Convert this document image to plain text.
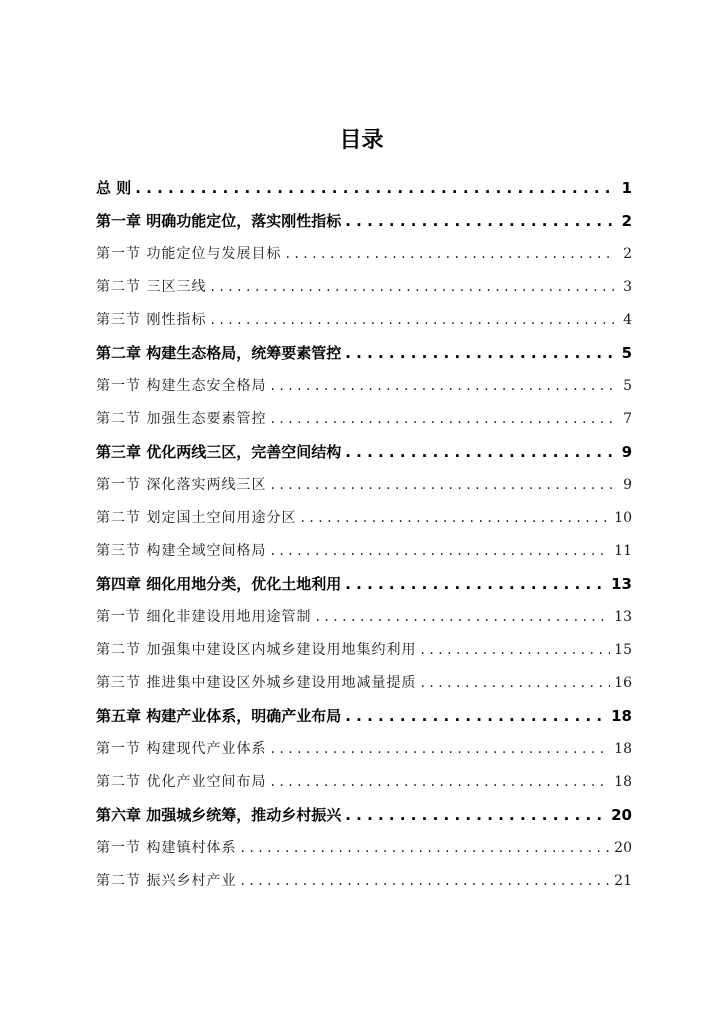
目录
总 则 . . .	1
第一章 明确功能定位，落实刚性指标 . . .	2
第一节 功能定位与发展目标 . . .	2
第二节 三区三线 . . .	3
第三节 刚性指标 . . .	4
第二章 构建生态格局，统筹要素管控 . . .	5
第一节 构建生态安全格局 . . .	5
第二节 加强生态要素管控 . . .	7
第三章 优化两线三区，完善空间结构 . . .	9
第一节 深化落实两线三区 . . .	9
第二节 划定国土空间用途分区 . . .	10
第三节 构建全域空间格局 . . .	11
第四章 细化用地分类，优化土地利用 . . .	13
第一节 细化非建设用地用途管制 . . .	13
第二节 加强集中建设区内城乡建设用地集约利用 . . .	15
第三节 推进集中建设区外城乡建设用地减量提质 . . .	16
第五章 构建产业体系，明确产业布局 . . .	18
第一节 构建现代产业体系 . . .	18
第二节 优化产业空间布局 . . .	18
第六章 加强城乡统筹，推动乡村振兴 . . .	20
第一节 构建镇村体系 . . .	20
第二节 振兴乡村产业 . . .	21
